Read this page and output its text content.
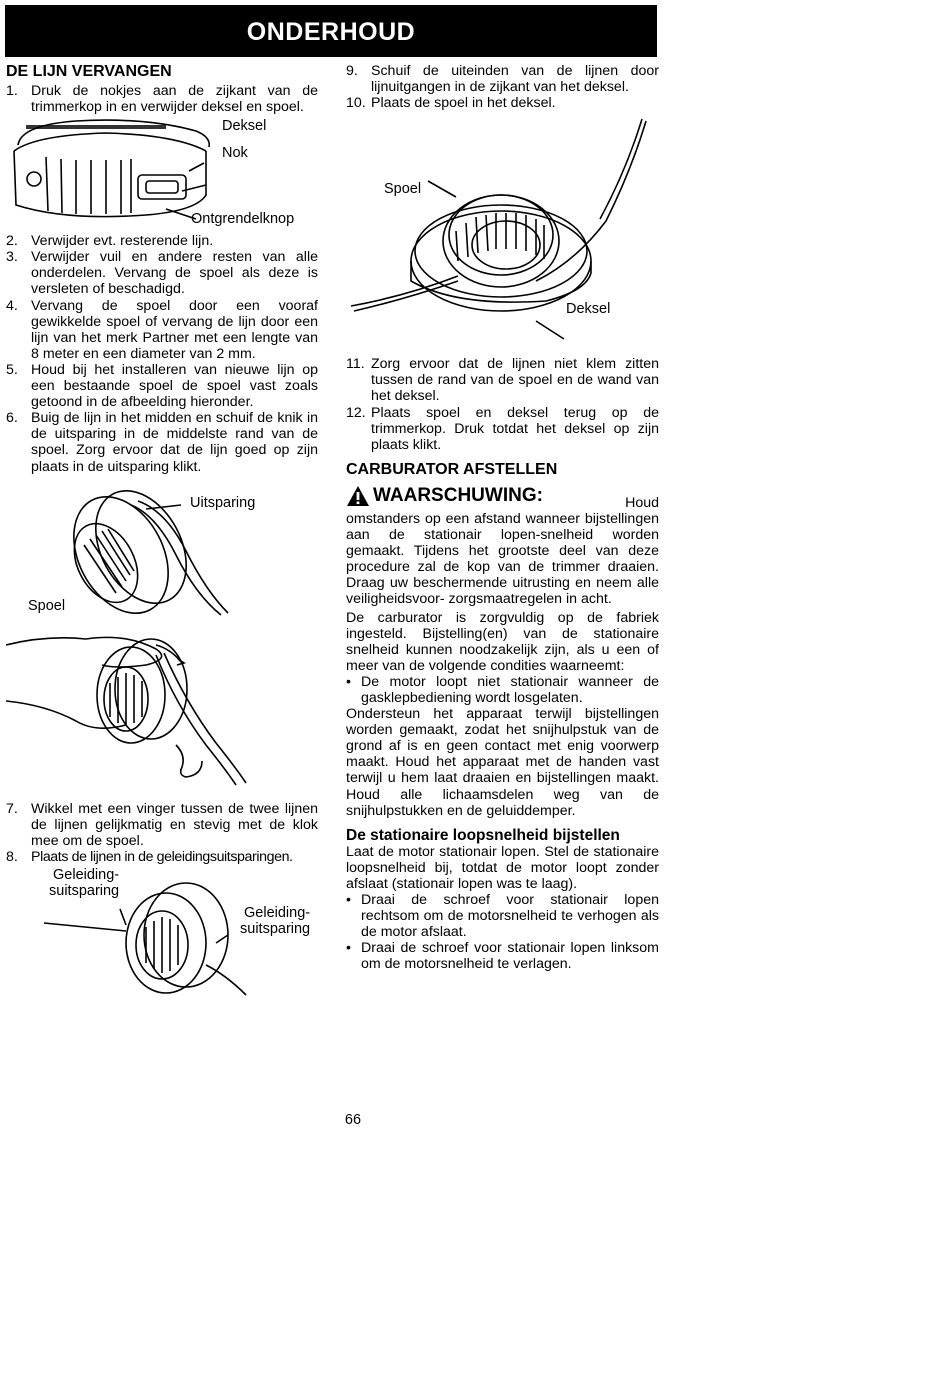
ONDERHOUD
DE LIJN VERVANGEN
1. Druk de nokjes aan de zijkant van de trimmerkop in en verwijder deksel en spoel.
Deksel
Nok
Ontgrendelknop
2. Verwijder evt. resterende lijn.
3. Verwijder vuil en andere resten van alle onderdelen. Vervang de spoel als deze is versleten of beschadigd.
4. Vervang de spoel door een vooraf gewikkelde spoel of vervang de lijn door een lijn van het merk Partner met een lengte van 8 meter en een diameter van 2 mm.
5. Houd bij het installeren van nieuwe lijn op een bestaande spoel de spoel vast zoals getoond in de afbeelding hieronder.
6. Buig de lijn in het midden en schuif de knik in de uitsparing in de middelste rand van de spoel. Zorg ervoor dat de lijn goed op zijn plaats in de uitsparing klikt.
Uitsparing
Spoel
7. Wikkel met een vinger tussen de twee lijnen de lijnen gelijkmatig en stevig met de klok mee om de spoel.
8. Plaats de lijnen in de geleidingsuitsparingen.
Geleiding-
suitsparing
Geleiding-
suitsparing
9. Schuif de uiteinden van de lijnen door lijnuitgangen in de zijkant van het deksel.
10. Plaats de spoel in het deksel.
Spoel
Deksel
11. Zorg ervoor dat de lijnen niet klem zitten tussen de rand van de spoel en de wand van het deksel.
12. Plaats spoel en deksel terug op de trimmerkop. Druk totdat het deksel op zijn plaats klikt.
CARBURATOR AFSTELLEN
WAARSCHUWING:	Houd

omstanders op een afstand wanneer bijstellingen aan de stationair lopen-snelheid worden gemaakt. Tijdens het grootste deel van deze procedure zal de kop van de trimmer draaien. Draag uw beschermende uitrusting en neem alle veiligheidsvoor- zorgsmaatregelen in acht.

De carburator is zorgvuldig op de fabriek ingesteld. Bijstelling(en) van de stationaire snelheid kunnen noodzakelijk zijn, als u een of meer van de volgende condities waarneemt:

• De motor loopt niet stationair wanneer de gasklepbediening wordt losgelaten.

Ondersteun het apparaat terwijl bijstellingen worden gemaakt, zodat het snijhulpstuk van de grond af is en geen contact met enig voorwerp maakt. Houd het apparaat met de handen vast terwijl u hem laat draaien en bijstellingen maakt. Houd alle lichaamsdelen weg van de snijhulpstukken en de geluiddemper.

De stationaire loopsnelheid bijstellen

Laat de motor stationair lopen. Stel de stationaire loopsnelheid bij, totdat de motor loopt zonder afslaat (stationair lopen was te laag).

• Draai de schroef voor stationair lopen rechtsom om de motorsnelheid te verhogen als de motor afslaat.
• Draai de schroef voor stationair lopen linksom om de motorsnelheid te verlagen.
66
